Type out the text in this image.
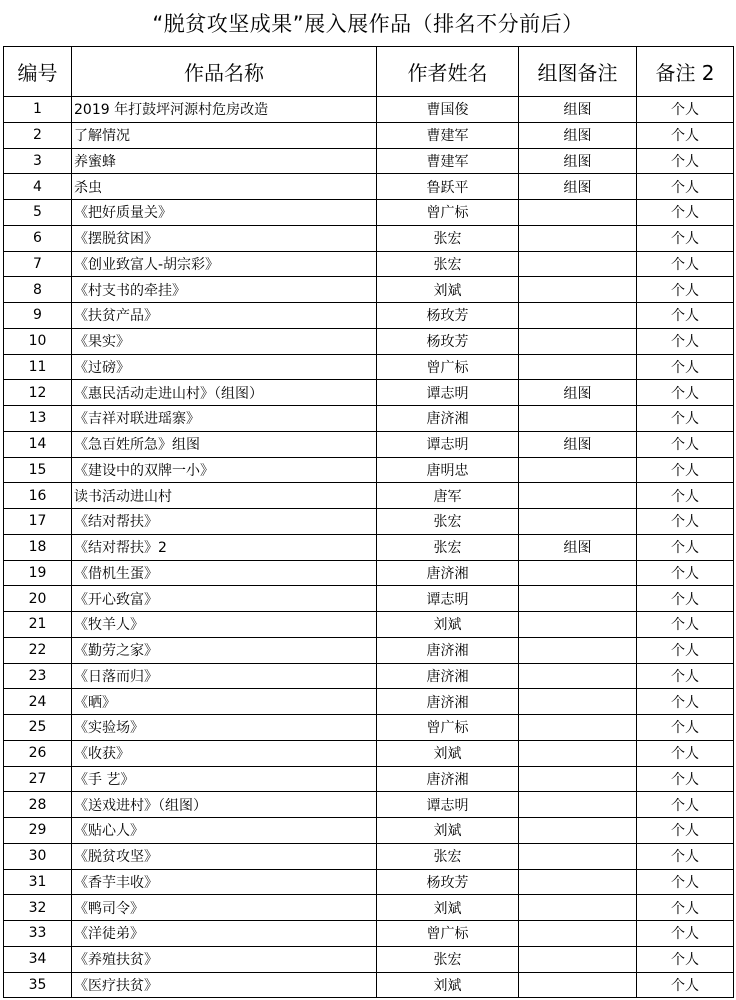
“脱贫攻坚成果”展入展作品（排名不分前后）
编号	作品名称	作者姓名	组图备注	备注 2
1	2019 年打鼓坪河源村危房改造	曹国俊	组图	个人
2	了解情况	曹建军	组图	个人
3	养蜜蜂	曹建军	组图	个人
4	杀虫	鲁跃平	组图	个人
5	《把好质量关》	曾广标		个人
6	《摆脱贫困》	张宏		个人
7	《创业致富人-胡宗彩》	张宏		个人
8	《村支书的牵挂》	刘斌		个人
9	《扶贫产品》	杨玫芳		个人
10	《果实》	杨玫芳		个人
11	《过磅》	曾广标		个人
12	《惠民活动走进山村》（组图）	谭志明	组图	个人
13	《吉祥对联进瑶寨》	唐济湘		个人
14	《急百姓所急》组图	谭志明	组图	个人
15	《建设中的双牌一小》	唐明忠		个人
16	读书活动进山村	唐军		个人
17	《结对帮扶》	张宏		个人
18	《结对帮扶》2	张宏	组图	个人
19	《借机生蛋》	唐济湘		个人
20	《开心致富》	谭志明		个人
21	《牧羊人》	刘斌		个人
22	《勤劳之家》	唐济湘		个人
23	《日落而归》	唐济湘		个人
24	《晒》	唐济湘		个人
25	《实验场》	曾广标		个人
26	《收获》	刘斌		个人
27	《手 艺》	唐济湘		个人
28	《送戏进村》（组图）	谭志明		个人
29	《贴心人》	刘斌		个人
30	《脱贫攻坚》	张宏		个人
31	《香芋丰收》	杨玫芳		个人
32	《鸭司令》	刘斌		个人
33	《洋徒弟》	曾广标		个人
34	《养殖扶贫》	张宏		个人
35	《医疗扶贫》	刘斌		个人
